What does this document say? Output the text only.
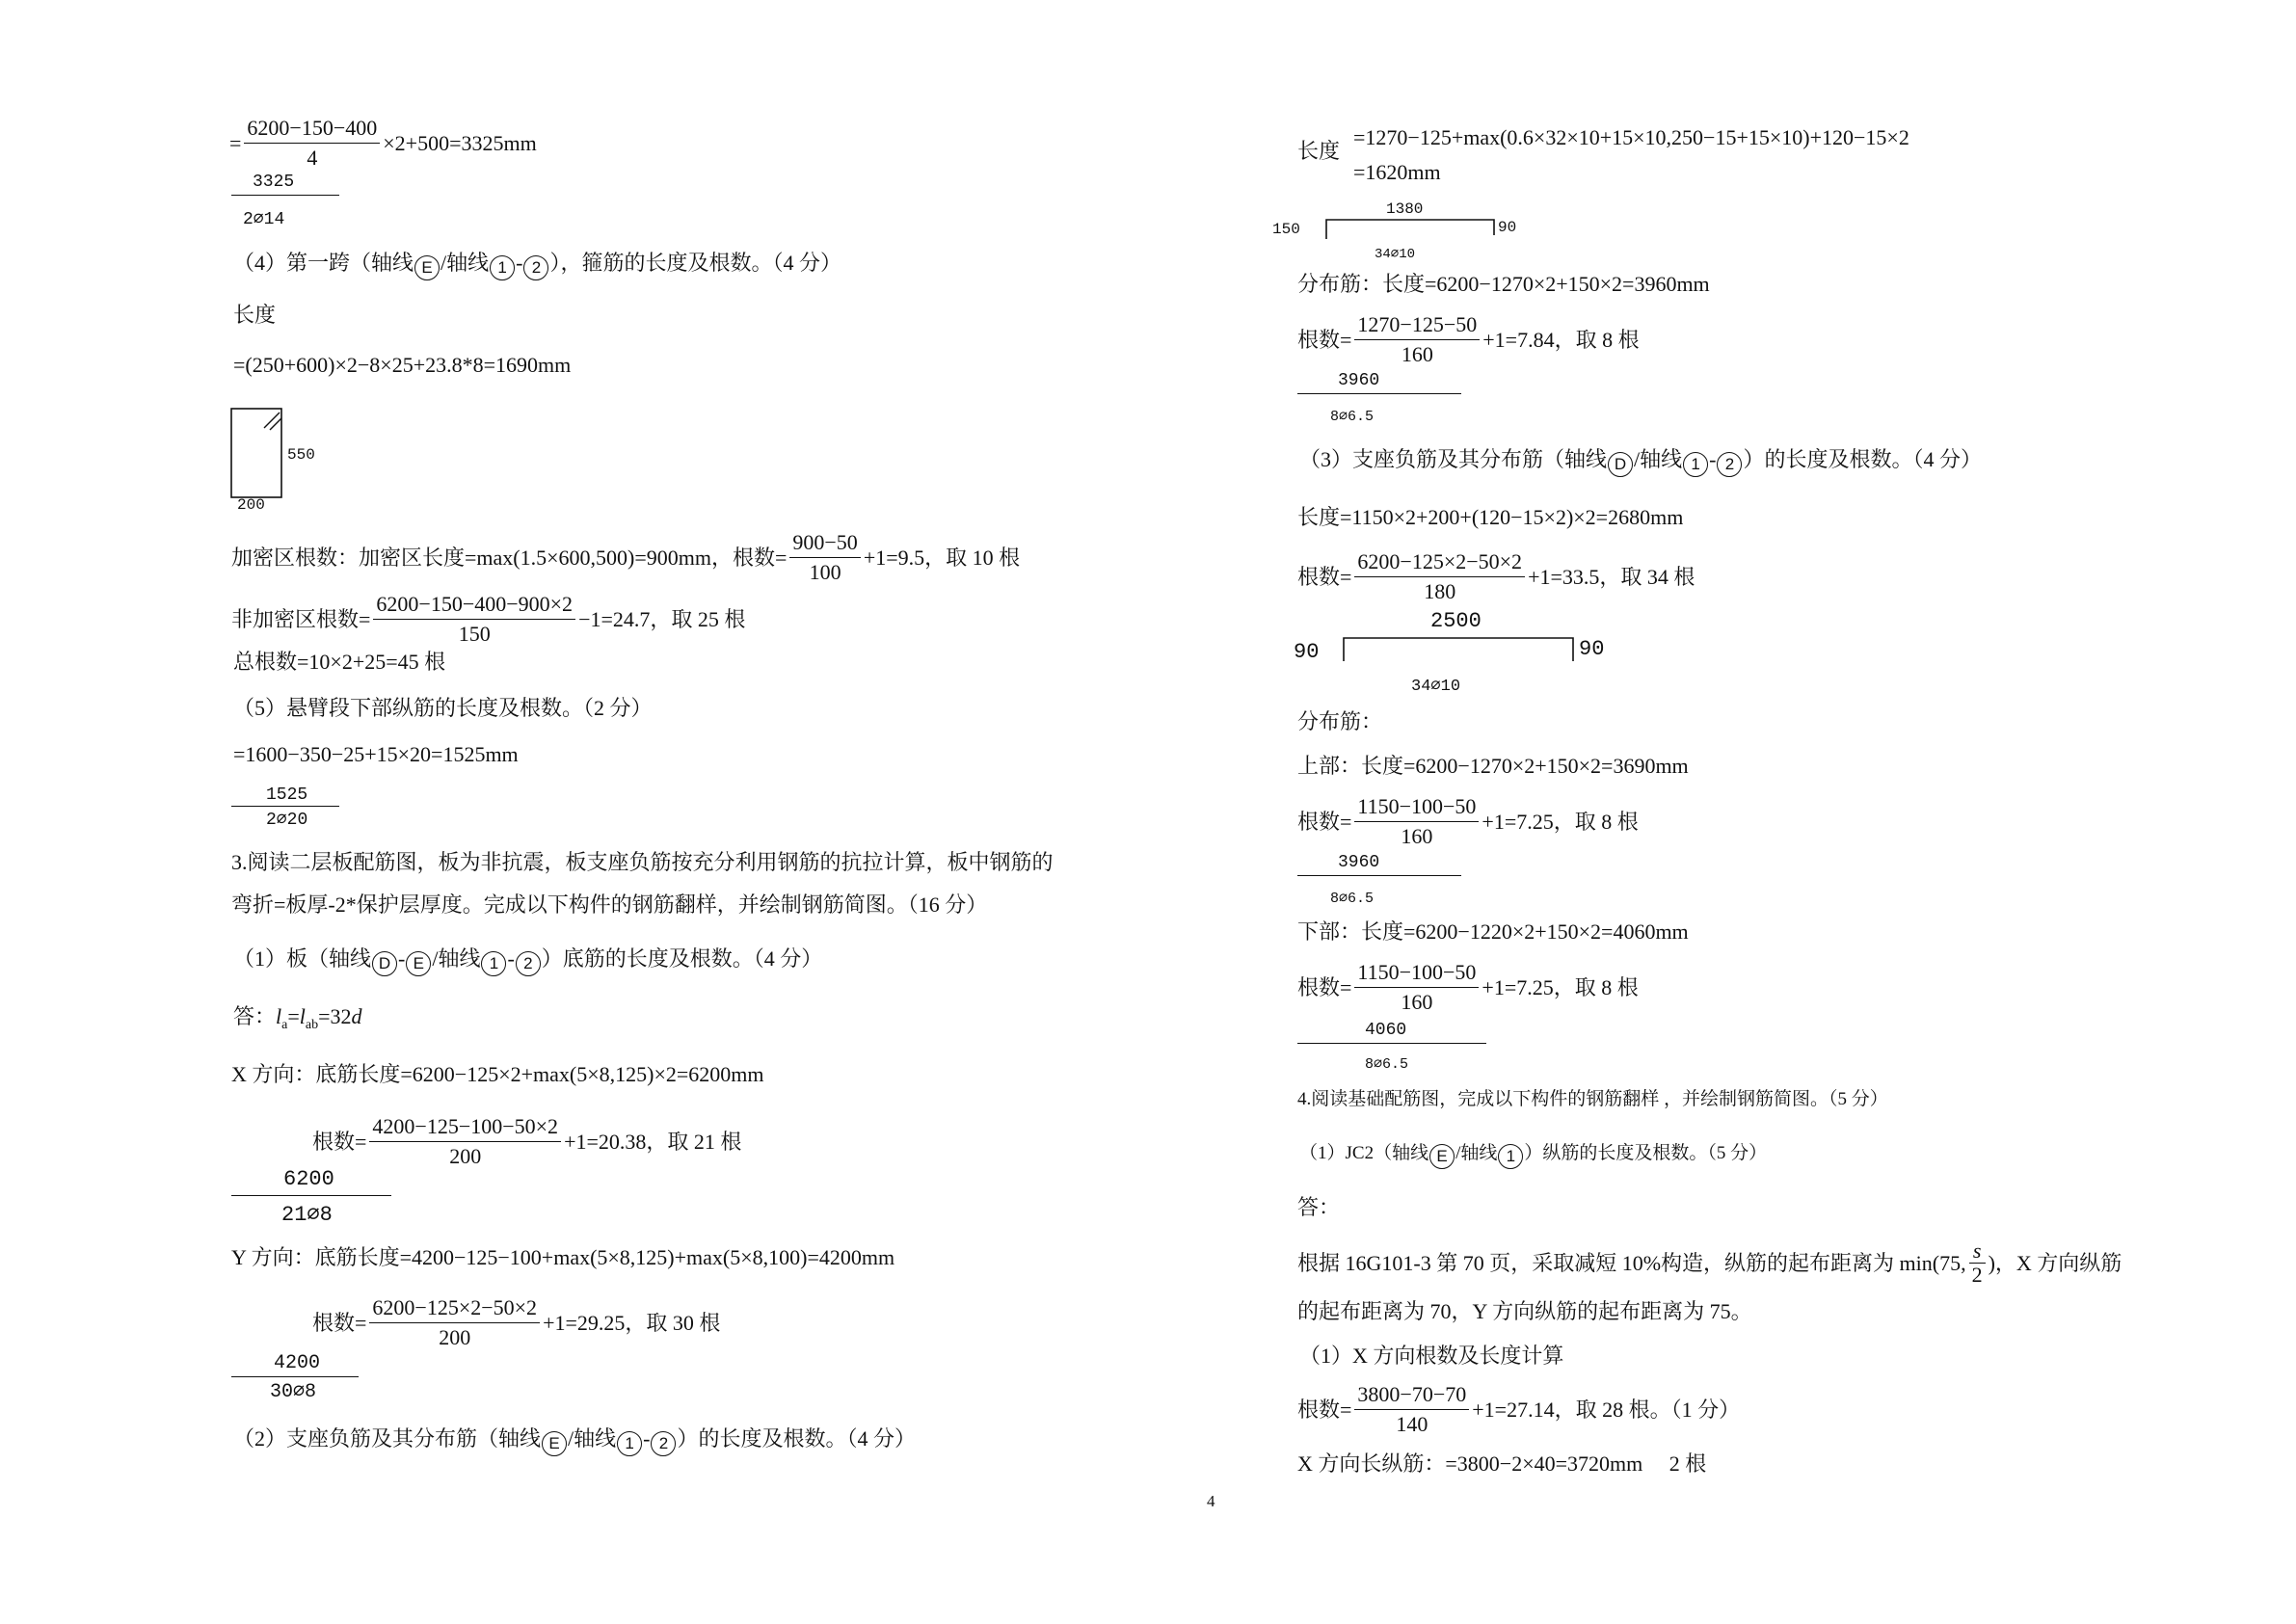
= $\frac{6200-150-400}{4} \times 2+500=3325mm$
3325
2⌀14
（4）第一跨（轴线 E /轴线 1 - 2 ），箍筋的长度及根数。（4 分）
长度
=(250+600)×2−8×25+23.8*8=1690mm
550
200
加密区根数：加密区长度=max(1.5×600,500)=900mm，根数= $\frac{900-50}{100} +1=9.5$，取 10 根
非加密区根数= $\frac{6200-150-400-900\times 2}{150} -1=24.7$，取 25 根
总根数=10×2+25=45 根
（5）悬臂段下部纵筋的长度及根数。（2 分）
=1600−350−25+15×20=1525mm
1525
2⌀20
3.阅读二层板配筋图，板为非抗震，板支座负筋按充分利用钢筋的抗拉计算，板中钢筋的
弯折=板厚-2*保护层厚度。完成以下构件的钢筋翻样，并绘制钢筋简图。（16 分）
（1）板（轴线 D - E /轴线 1 - 2 ）底筋的长度及根数。（4 分）
答：$l_a=l_{ab}=32d$
X 方向：底筋长度=6200−125×2+max(5×8,125)×2=6200mm
根数= $\frac{4200-125-100-50\times 2}{200} +1=20.38$，取 21 根
6200
21⌀8
Y 方向：底筋长度=4200−125−100+max(5×8,125)+max(5×8,100)=4200mm
根数= $\frac{6200-125\times 2-50\times 2}{200} +1=29.25$，取 30 根
4200
30⌀8
（2）支座负筋及其分布筋（轴线 E /轴线 1 - 2 ）的长度及根数。（4 分）
长度
=1270−125+max(0.6×32×10+15×10,250−15+15×10)+120−15×2
=1620mm
1380
150	90
34⌀10
分布筋：长度=6200−1270×2+150×2=3960mm
根数= $\frac{1270-125-50}{160} +1=7.84$，取 8 根
3960
8⌀6.5
（3）支座负筋及其分布筋（轴线 D /轴线 1 - 2 ）的长度及根数。（4 分）
长度=1150×2+200+(120−15×2)×2=2680mm
根数= $\frac{6200-125\times 2-50\times 2}{180} +1=33.5$，取 34 根
2500
90	90
34⌀10
分布筋：
上部：长度=6200−1270×2+150×2=3690mm
根数= $\frac{1150-100-50}{160} +1=7.25$，取 8 根
3960
8⌀6.5
下部：长度=6200−1220×2+150×2=4060mm
根数= $\frac{1150-100-50}{160} +1=7.25$，取 8 根
4060
8⌀6.5
4.阅读基础配筋图，完成以下构件的钢筋翻样 ，并绘制钢筋简图。（5 分）
（1）JC2（轴线 E /轴线 1 ）纵筋的长度及根数。（5 分）
答：
根据 16G101-3 第 70 页，采取减短 10%构造，纵筋的起布距离为 min(75, $\frac{s}{2}$ )，X 方向纵筋
的起布距离为 70，Y 方向纵筋的起布距离为 75。
（1）X 方向根数及长度计算
根数= $\frac{3800-70-70}{140} +1=27.14$，取 28 根。（1 分）
X 方向长纵筋：=3800−2×40=3720mm     2 根
4
